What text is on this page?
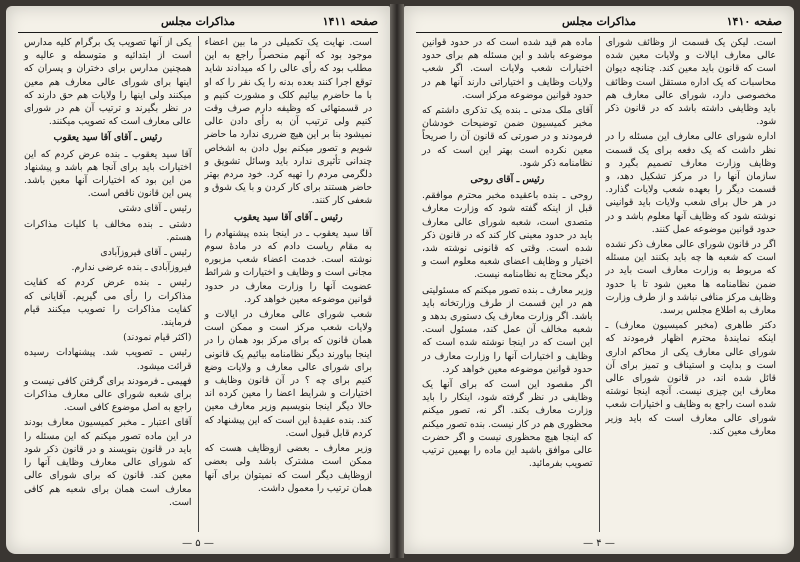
صفحه ۱۴۱۱
مذاکرات مجلس

است. نهایت یک تکمیلی در ما بین اعضاء موجود بود که آنهم منحصراً راجع به این مطلب بود که رأی عالی را که میدادند شاید توقع اجرا کنند بعده بدنه را یک نفر را که او با ما حاضرم بیائیم کلک و مشورت کنیم و در قسمتهائی که وظیفه دارم صرف وقت کنیم ولی ترتیب آن به رأی دادن عالی نمیشود بنا بر این هیچ ضرری ندارد ما حاضر شویم و تصور میکنم بول دادن به اشخاص چندانی تأثیری ندارد باید وسائل تشویق و دلگرمی مردم را تهیه کرد. خود مردم بهتر حاضر هستند برای کار کردن و با یک شوق و شعفی کار کنند.

رئیس ـ آقای آقا سید یعقوب

آقا سید یعقوب ـ در اینجا بنده پیشنهادم را به مقام ریاست دادم که در مادهٔ سوم نوشته است. خدمت اعضاء شعب مزبوره مجانی است و وظایف و اختیارات و شرائط عضویت آنها را وزارت معارف در حدود قوانین موضوعه معین خواهد کرد.

شعب شورای عالی معارف در ایالات و ولایات شعب مرکز است و ممکن است همان قانون که برای مرکز بود همان را در اینجا بیاورند دیگر نظامنامه بیائیم یک قانونی برای شورای عالی معارف و ولایات وضع کنیم برای چه ؟ در آن قانون وظایف و اختیارات و شرایط اعضا را معین کرده اند حالا دیگر اینجا بنویسیم وزیر معارف معین کند. بنده عقیدهٔ این است که این پیشنهاد که کردم قابل قبول است.

وزیر معارف ـ بعضی ازوظایف هست که ممکن است مشترک باشد ولی بعضی ازوظایف دیگر است که نمیتوان برای آنها همان ترتیب را معمول داشت.

یکی از آنها تصویب یک برگرام کلیه مدارس است از ابتدائیه و متوسطه و عالیه و همچنین مدارس برای دختران و پسران که اینها برای شورای عالی معارف هم معین میکنند ولی اینها را ولایات هم حق دارند که در نظر بگیرند و ترتیب آن هم در شورای عالی معارف است که تصویب میکنند.

رئیس ـ آقای آقا سید یعقوب

آقا سید یعقوب ـ بنده عرض کردم که این اختیارات باید برای آنجا هم باشد و پیشنهاد من این بود که اختیارات آنها معین باشد. پس این قانون ناقص است.

رئیس ـ آقای دشتی

دشتی ـ بنده مخالف با کلیات مذاکرات هستم.

رئیس ـ آقای فیروزآبادی

فیروزآبادی ـ بنده عرضی ندارم.

رئیس ـ بنده عرض کردم که کفایت مذاکرات را رأی می گیریم. آقایانی که کفایت مذاکرات را تصویب میکنند قیام فرمایند.

(اکثر قیام نمودند)

رئیس ـ تصویب شد. پیشنهادات رسیده قرائت میشود.

فهیمی ـ فرمودند برای گرفتن کافی نیست و برای شعبه شورای عالی معارف مذاکرات راجع به اصل موضوع کافی است.

آقای اعتبار ـ مخبر کمیسیون معارف بودند در این ماده تصور میکنم که این مسئله را باید در قانون بنویسند و در قانون ذکر شود که شورای عالی معارف وظایف آنها را معین کند. قانون که برای شورای عالی معارف است همان برای شعبه هم کافی است.

— ۵ —
صفحه ۱۴۱۰
مذاکرات مجلس

است. لیکن یک قسمت از وظائف شورای عالی معارف ایالات و ولایات معین شده است که قانون باید معین کند. چنانچه دیوان محاسبات که یک اداره مستقل است وظائف مخصوصی دارد، شورای عالی معارف هم باید وظایفی داشته باشد که در قانون ذکر شود.

اداره شورای عالی معارف این مسئله را در نظر داشت که یک دفعه برای یک قسمت وظایف وزارت معارف تصمیم بگیرد و سازمان آنها را در مرکز تشکیل دهد، و قسمت دیگر را بعهده شعب ولایات گذارد. در هر حال برای شعب ولایات باید قوانینی نوشته شود که وظایف آنها معلوم باشد و در حدود قوانین موضوعه عمل کنند.

اگر در قانون شورای عالی معارف ذکر نشده است که شعبه ها چه باید بکنند این مسئله که مربوط به وزارت معارف است باید در ضمن نظامنامه ها معین شود تا با حدود وظایف مرکز منافی نباشد و از طرف وزارت معارف به اطلاع مجلس برسد.

دکتر طاهری (مخبر کمیسیون معارف) ـ اینکه نمایندهٔ محترم اظهار فرمودند که شورای عالی معارف یکی از محاکم اداری است و بدایت و استیناف و تمیز برای آن قائل شده اند، در قانون شورای عالی معارف این چیزی نیست. آنچه اینجا نوشته شده است راجع به وظایف و اختیارات شعب شورای عالی معارف است که باید وزیر معارف معین کند.

ماده هم قید شده است که در حدود قوانین موضوعه باشد و این مسئله هم برای حدود اختیارات شعب ولایات است. اگر شعب ولایات وظایف و اختیاراتی دارند آنها هم در حدود قوانین موضوعه مرکز است.

آقای ملک مدنی ـ بنده یک تذکری داشتم که مخبر کمیسیون ضمن توضیحات خودشان فرمودند و در صورتی که قانون آن را صریحاً معین نکرده است بهتر این است که در نظامنامه ذکر شود.

رئیس ـ آقای روحی

روحی ـ بنده باعقیده مخبر محترم موافقم. قبل از اینکه گفته شود که وزارت معارف متصدی است، شعبه شورای عالی معارف باید در حدود معینی کار کند که در قانون ذکر شده است. وقتی که قانونی نوشته شد، اختیار و وظایف اعضای شعبه معلوم است و دیگر محتاج به نظامنامه نیست.

وزیر معارف ـ بنده تصور میکنم که مسئولیتی هم در این قسمت از طرف وزارتخانه باید باشد. اگر وزارت معارف یک دستوری بدهد و شعبه مخالف آن عمل کند، مسئول است. این است که در اینجا نوشته شده است که وظایف و اختیارات آنها را وزارت معارف در حدود قوانین موضوعه معین خواهد کرد.

اگر مقصود این است که برای آنها یک وظایفی در نظر گرفته شود، اینکار را باید وزارت معارف بکند. اگر نه، تصور میکنم محظوری هم در کار نیست. بنده تصور میکنم که اینجا هیچ محظوری نیست و اگر حضرت عالی موافق باشید این ماده را بهمین ترتیب تصویب بفرمائید.

— ۴ —
